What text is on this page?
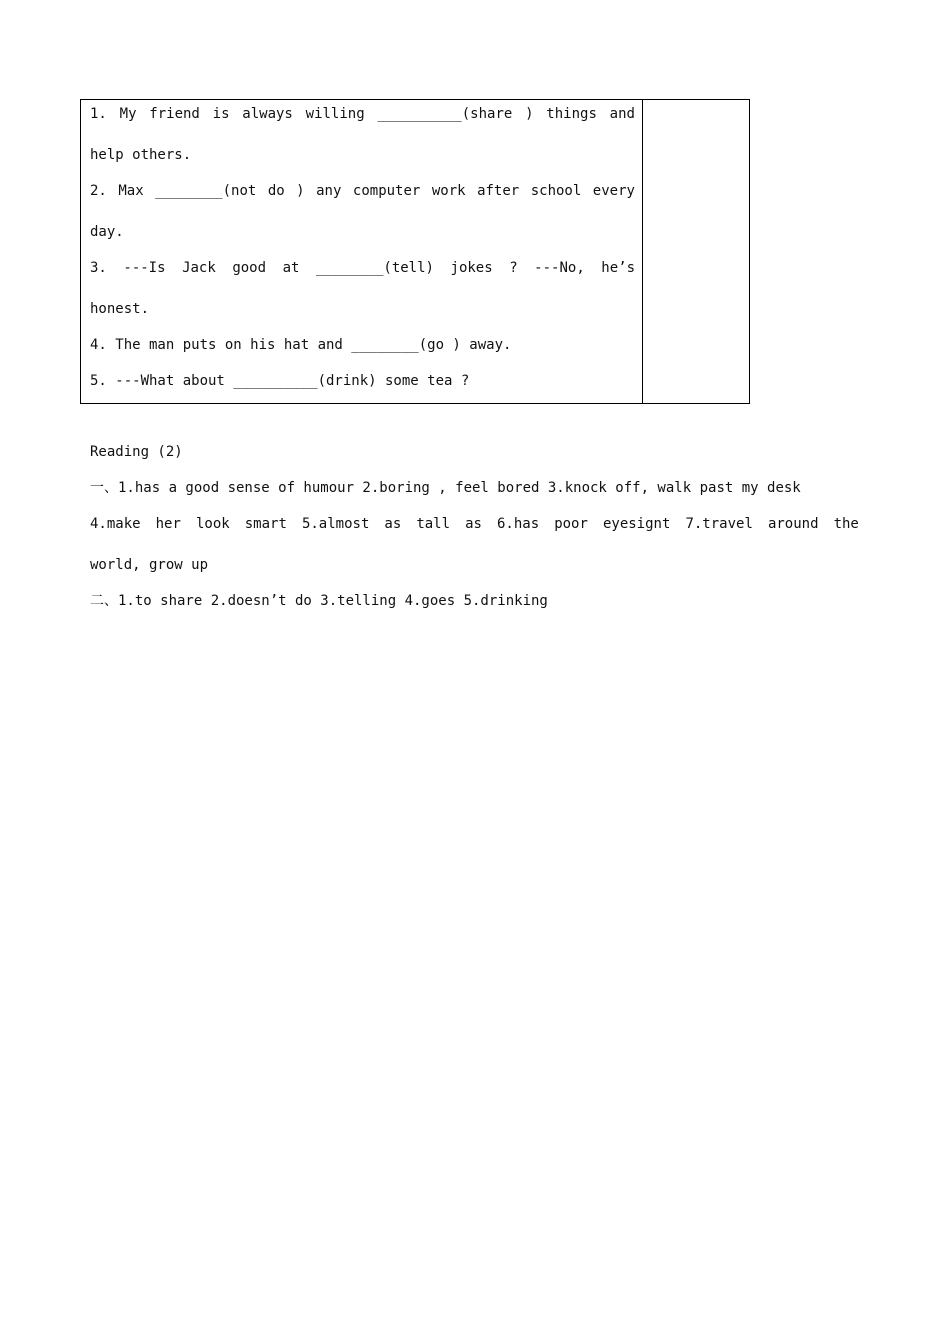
1. My friend is always willing __________(share ) things and
help others.
2. Max ________(not do ) any computer work after school every
day.
3. ---Is Jack good at ________(tell) jokes ? ---No, he’s
honest.
4. The man puts on his hat and ________(go ) away.
5. ---What about __________(drink) some tea ?
Reading (2)
一、1.has a good sense of humour 2.boring , feel bored 3.knock off, walk past my desk
4.make her look smart 5.almost as tall as 6.has poor eyesignt 7.travel around the
world, grow up
二、1.to share 2.doesn’t do 3.telling 4.goes 5.drinking
